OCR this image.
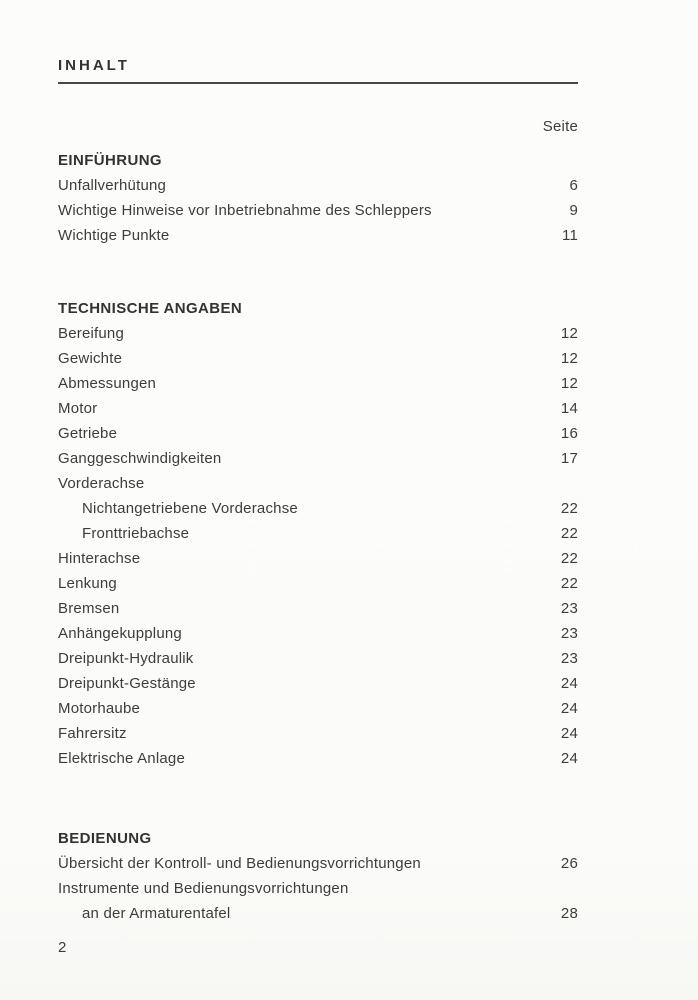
INHALT
Seite
EINFÜHRUNG
Unfallverhütung	6
Wichtige Hinweise vor Inbetriebnahme des Schleppers	9
Wichtige Punkte	11
TECHNISCHE ANGABEN
Bereifung	12
Gewichte	12
Abmessungen	12
Motor	14
Getriebe	16
Ganggeschwindigkeiten	17
Vorderachse
Nichtangetriebene Vorderachse	22
Fronttriebachse	22
Hinterachse	22
Lenkung	22
Bremsen	23
Anhängekupplung	23
Dreipunkt-Hydraulik	23
Dreipunkt-Gestänge	24
Motorhaube	24
Fahrersitz	24
Elektrische Anlage	24
BEDIENUNG
Übersicht der Kontroll- und Bedienungsvorrichtungen	26
Instrumente und Bedienungsvorrichtungen
an der Armaturentafel	28
2
